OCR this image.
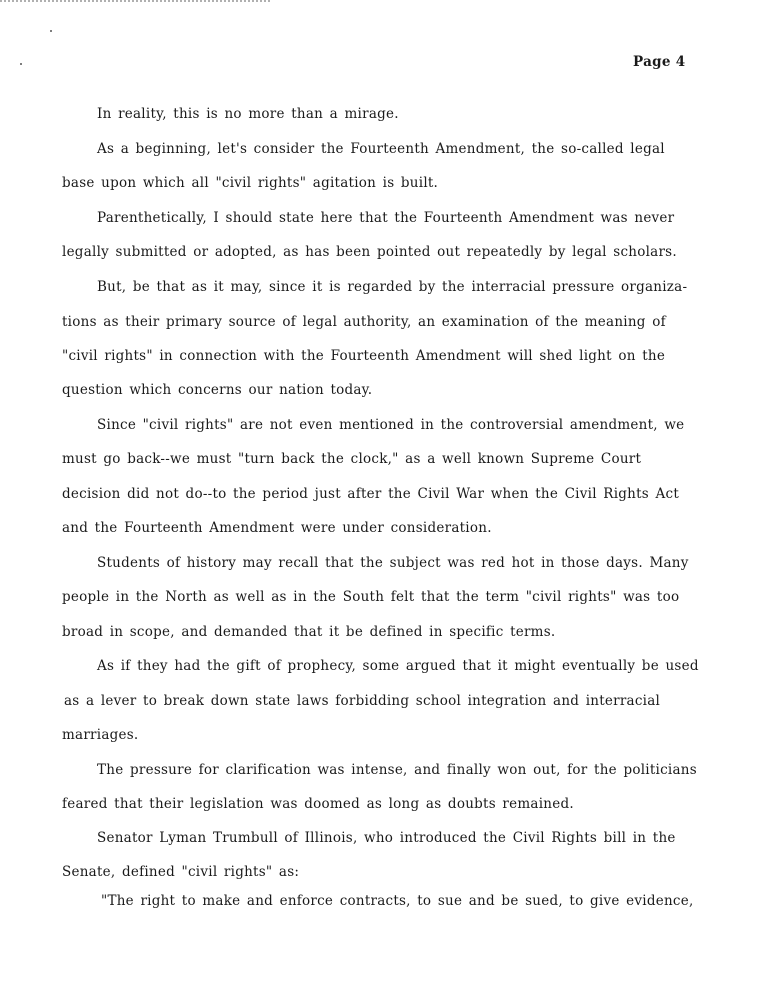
Page 4
In reality, this is no more than a mirage.
As a beginning, let's consider the Fourteenth Amendment, the so-called legal
base upon which all "civil rights" agitation is built.
Parenthetically, I should state here that the Fourteenth Amendment was never
legally submitted or adopted, as has been pointed out repeatedly by legal scholars.
But, be that as it may, since it is regarded by the interracial pressure organiza-
tions as their primary source of legal authority, an examination of the meaning of
"civil rights" in connection with the Fourteenth Amendment will shed light on the
question which concerns our nation today.
Since "civil rights" are not even mentioned in the controversial amendment, we
must go back--we must "turn back the clock," as a well known Supreme Court
decision did not do--to the period just after the Civil War when the Civil Rights Act
and the Fourteenth Amendment were under consideration.
Students of history may recall that the subject was red hot in those days. Many
people in the North as well as in the South felt that the term "civil rights" was too
broad in scope, and demanded that it be defined in specific terms.
As if they had the gift of prophecy, some argued that it might eventually be used
as a lever to break down state laws forbidding school integration and interracial
marriages.
The pressure for clarification was intense, and finally won out, for the politicians
feared that their legislation was doomed as long as doubts remained.
Senator Lyman Trumbull of Illinois, who introduced the Civil Rights bill in the
Senate, defined "civil rights" as:
"The right to make and enforce contracts, to sue and be sued, to give evidence,
